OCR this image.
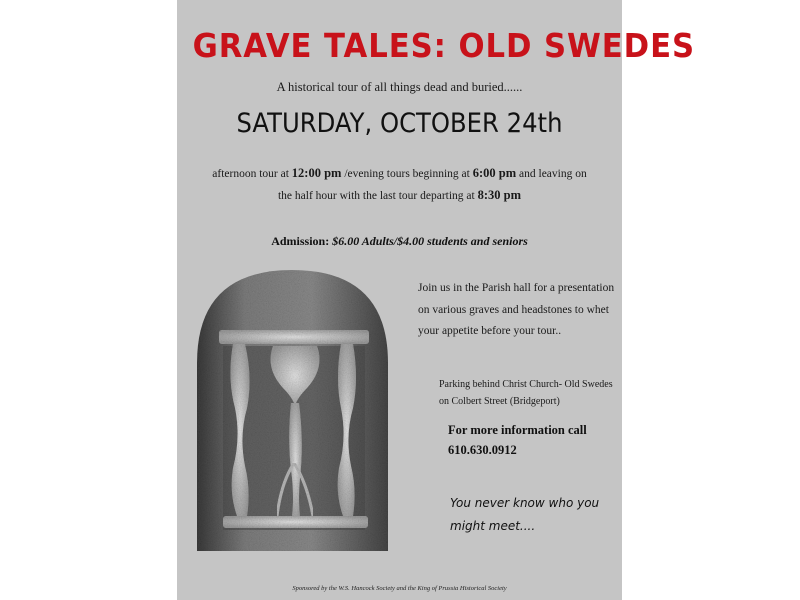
GRAVE TALES: OLD SWEDES
A historical tour of all things dead and buried......
SATURDAY, OCTOBER 24th
afternoon tour at 12:00 pm /evening tours beginning at 6:00 pm and leaving on the half hour with the last tour departing at 8:30 pm
Admission: $6.00 Adults/$4.00 students and seniors
Join us in the Parish hall for a presentation on various graves and headstones to whet your appetite before your tour..
Parking behind Christ Church- Old Swedes
on Colbert Street (Bridgeport)
For more information call
610.630.0912
You never know who you
might meet....
Sponsored by the W.S. Hancock Society and the King of Prussia Historical Society
